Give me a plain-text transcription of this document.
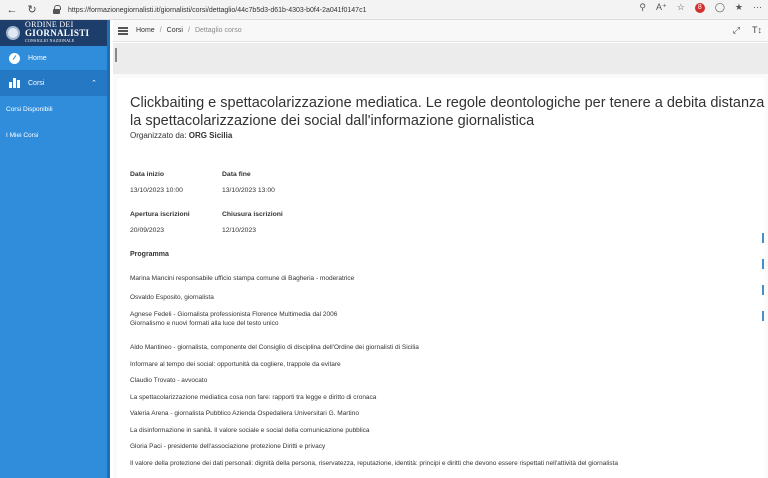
← ↻	https://formazionegiornalisti.it/giornalisti/corsi/dettaglio/44c7b5d3-d61b-4303-b0f4-2a041f0147c1	⚲ A⁺ ☆	8	◯ ★ ⋯
ORDINE DEI
GIORNALISTI
CONSIGLIO NAZIONALE
Home
Corsi	⌃
Corsi Disponibili
I Miei Corsi
Home / Corsi / Dettaglio corso	⤢ T↕
Clickbaiting e spettacolarizzazione mediatica. Le regole deontologiche per tenere a debita distanza
la spettacolarizzazione dei social dall'informazione giornalistica
Organizzato da: ORG Sicilia
Data inizio
13/10/2023 10:00
Data fine
13/10/2023 13:00
Apertura iscrizioni
20/09/2023
Chiusura iscrizioni
12/10/2023
Programma
Marina Mancini responsabile ufficio stampa comune di Bagheria - moderatrice
Osvaldo Esposito, giornalista
Agnese Fedeli - Giornalista professionista Florence Multimedia dal 2006
Giornalismo e nuovi formati alla luce del testo unico
Aldo Mantineo - giornalista, componente del Consiglio di disciplina dell'Ordine dei giornalisti di Sicilia
Informare al tempo dei social: opportunità da cogliere, trappole da evitare
Claudio Trovato - avvocato
La spettacolarizzazione mediatica cosa non fare: rapporti tra legge e diritto di cronaca
Valeria Arena - giornalista Pubblico Azienda Ospedaliera Universitari G. Martino
La disinformazione in sanità. Il valore sociale e social della comunicazione pubblica
Gloria Paci - presidente dell'associazione protezione Diritti e privacy
Il valore della protezione dei dati personali: dignità della persona, riservatezza, reputazione, identità: principi e diritti che devono essere rispettati nell'attività del giornalista
